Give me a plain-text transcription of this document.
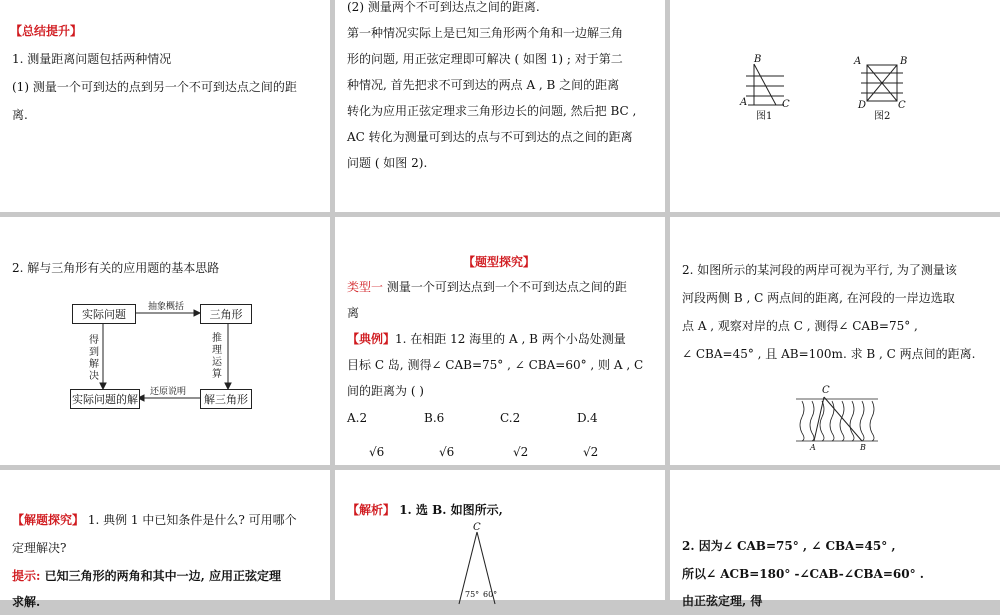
【总结提升】
1. 测量距离问题包括两种情况
(1) 测量一个可到达的点到另一个不可到达点之间的距
离.
(2) 测量两个不可到达点之间的距离.
第一种情况实际上是已知三角形两个角和一边解三角
形的问题, 用正弦定理即可解决 ( 如图 1) ; 对于第二
种情况, 首先把求不可到达的两点 A , B 之间的距离
转化为应用正弦定理求三角形边长的问题, 然后把 BC ,
AC 转化为测量可到达的点与不可到达的点之间的距离
问题 ( 如图 2).
B
A	C
图1
A	B
D	C
图2
2. 解与三角形有关的应用题的基本思路
实际问题	三角形
解三角形
实际问题的解
抽象概括
还原说明
得
到
解
决
推
理
运
算
【题型探究】
类型一 测量一个可到达点到一个不可到达点之间的距
离
【典例】1. 在相距 12 海里的 A , B 两个小岛处测量
目标 C 岛, 测得∠ CAB=75° , ∠ CBA=60° , 则 A , C
间的距离为 ( )
A.2	B.6	C.2	D.4
√6	√6	√2	√2
2. 如图所示的某河段的两岸可视为平行, 为了测量该
河段两侧 B , C 两点间的距离, 在河段的一岸边选取
点 A , 观察对岸的点 C , 测得∠ CAB=75° ,
∠ CBA=45° , 且 AB=100m. 求 B , C 两点间的距离.
C
A	B
【解题探究】 1. 典例 1 中已知条件是什么? 可用哪个
定理解决?
提示: 已知三角形的两角和其中一边, 应用正弦定理
求解.
【解析】 1. 选 B. 如图所示,
C
75° 60°
2. 因为∠ CAB=75° , ∠ CBA=45° ,
所以∠ ACB=180° -∠CAB-∠CBA=60° .
由正弦定理, 得
